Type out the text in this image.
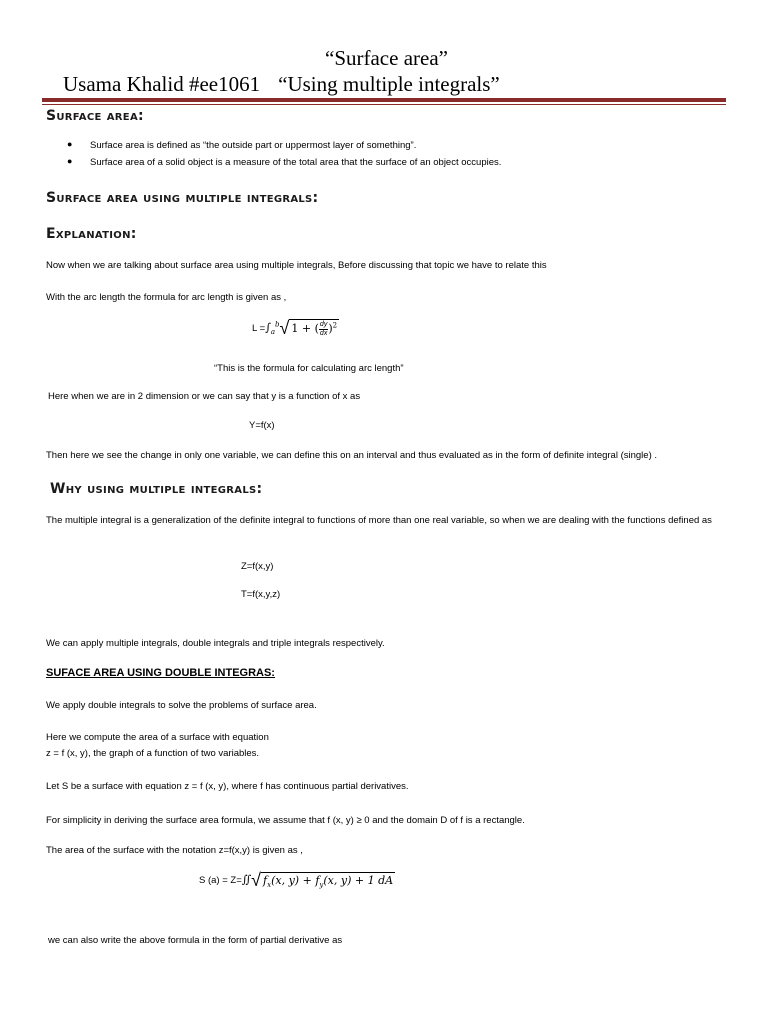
“Surface area”
Usama Khalid #ee1061 “Using multiple integrals”
Surface area:
● Surface area is defined as “the outside part or uppermost layer of something”.
● Surface area of a solid object is a measure of the total area that the surface of an object occupies.
Surface area using multiple integrals:
Explanation:
Now when we are talking about surface area using multiple integrals, Before discussing that topic we have to relate this
With the arc length the formula for arc length is given as ,
$L =\int_a^b√$ 1 + ( $\frac{dy}{dx} )^2$
“This is the formula for calculating arc length”
Here when we are in 2 dimension or we can say that y is a function of x as
Y=f(x)
Then here we see the change in only one variable, we can define this on an interval and thus evaluated as in the form of definite integral (single) .
Why using multiple integrals:
The multiple integral is a generalization of the definite integral to functions of more than one real variable, so when we are dealing with the functions defined as
Z=f(x,y)
T=f(x,y,z)
We can apply multiple integrals, double integrals and triple integrals respectively.
SUFACE AREA USING DOUBLE INTEGRAS:
We apply double integrals to solve the problems of surface area.
Here we compute the area of a surface with equation
z = f (x, y), the graph of a function of two variables.
Let S be a surface with equation z = f (x, y), where f has continuous partial derivatives.
For simplicity in deriving the surface area formula, we assume that f (x, y) ≥ 0 and the domain D of f is a rectangle.
The area of the surface with the notation z=f(x,y) is given as ,
S (a) = Z=∬√ $f_x(x$, $y) + f_y(x$, y) + 1 dA
we can also write the above formula in the form of partial derivative as
